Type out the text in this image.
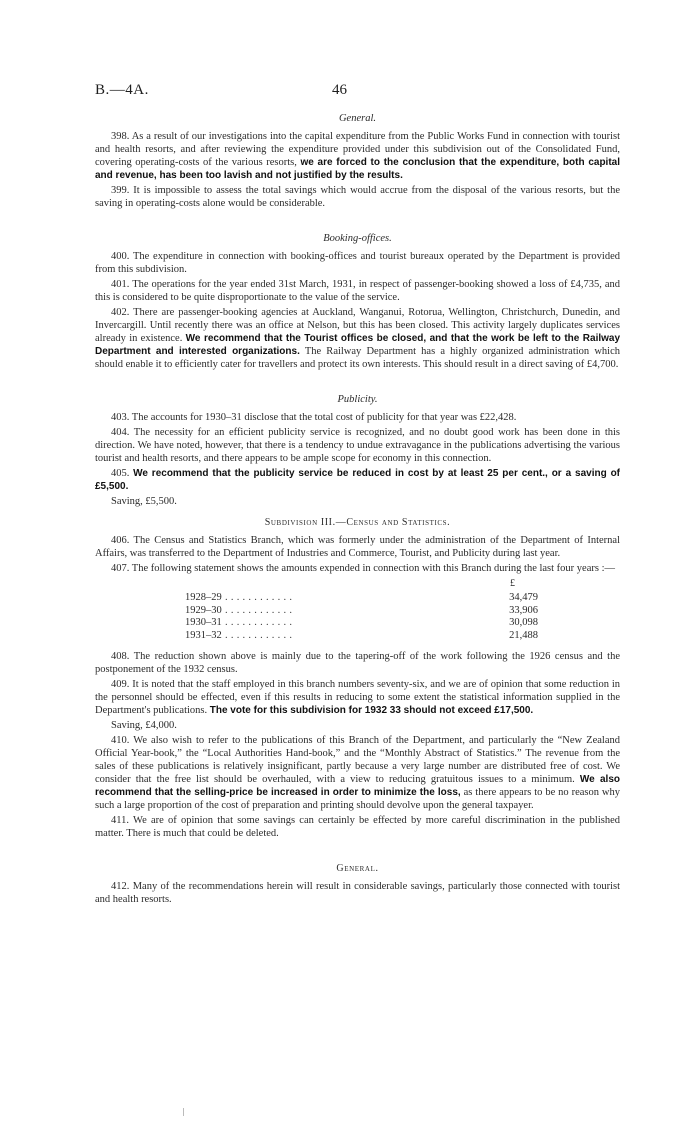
B.—4A.	46
General.

398. As a result of our investigations into the capital expenditure from the Public Works Fund in connection with tourist and health resorts, and after reviewing the expenditure provided under this subdivision out of the Consolidated Fund, covering operating-costs of the various resorts, we are forced to the conclusion that the expenditure, both capital and revenue, has been too lavish and not justified by the results.

399. It is impossible to assess the total savings which would accrue from the disposal of the various resorts, but the saving in operating-costs alone would be considerable.

Booking-offices.

400. The expenditure in connection with booking-offices and tourist bureaux operated by the Department is provided from this subdivision.

401. The operations for the year ended 31st March, 1931, in respect of passenger-booking showed a loss of £4,735, and this is considered to be quite disproportionate to the value of the service.

402. There are passenger-booking agencies at Auckland, Wanganui, Rotorua, Wellington, Christchurch, Dunedin, and Invercargill. Until recently there was an office at Nelson, but this has been closed. This activity largely duplicates services already in existence. We recommend that the Tourist offices be closed, and that the work be left to the Railway Department and interested organizations. The Railway Department has a highly organized administration which should enable it to efficiently cater for travellers and protect its own interests. This should result in a direct saving of £4,700.

Publicity.

403. The accounts for 1930–31 disclose that the total cost of publicity for that year was £22,428.

404. The necessity for an efficient publicity service is recognized, and no doubt good work has been done in this direction. We have noted, however, that there is a tendency to undue extravagance in the publications advertising the various tourist and health resorts, and there appears to be ample scope for economy in this connection.

405. We recommend that the publicity service be reduced in cost by at least 25 per cent., or a saving of £5,500.

Saving, £5,500.

Subdivision III.—Census and Statistics.

406. The Census and Statistics Branch, which was formerly under the administration of the Department of Internal Affairs, was transferred to the Department of Industries and Commerce, Tourist, and Publicity during last year.

407. The following statement shows the amounts expended in connection with this Branch during the last four years :—

£
1928–29	. . . . . . . . . . . .	34,479
1929–30	. . . . . . . . . . . .	33,906
1930–31	. . . . . . . . . . . .	30,098
1931–32	. . . . . . . . . . . .	21,488

408. The reduction shown above is mainly due to the tapering-off of the work following the 1926 census and the postponement of the 1932 census.

409. It is noted that the staff employed in this branch numbers seventy-six, and we are of opinion that some reduction in the personnel should be effected, even if this results in reducing to some extent the statistical information supplied in the Department's publications. The vote for this subdivision for 1932 33 should not exceed £17,500.

Saving, £4,000.

410. We also wish to refer to the publications of this Branch of the Department, and particularly the “New Zealand Official Year-book,” the “Local Authorities Hand-book,” and the “Monthly Abstract of Statistics.” The revenue from the sales of these publications is relatively insignificant, partly because a very large number are distributed free of cost. We consider that the free list should be overhauled, with a view to reducing gratuitous issues to a minimum. We also recommend that the selling-price be increased in order to minimize the loss, as there appears to be no reason why such a large proportion of the cost of preparation and printing should devolve upon the general taxpayer.

411. We are of opinion that some savings can certainly be effected by more careful discrimination in the published matter. There is much that could be deleted.

General.

412. Many of the recommendations herein will result in considerable savings, particularly those connected with tourist and health resorts.
